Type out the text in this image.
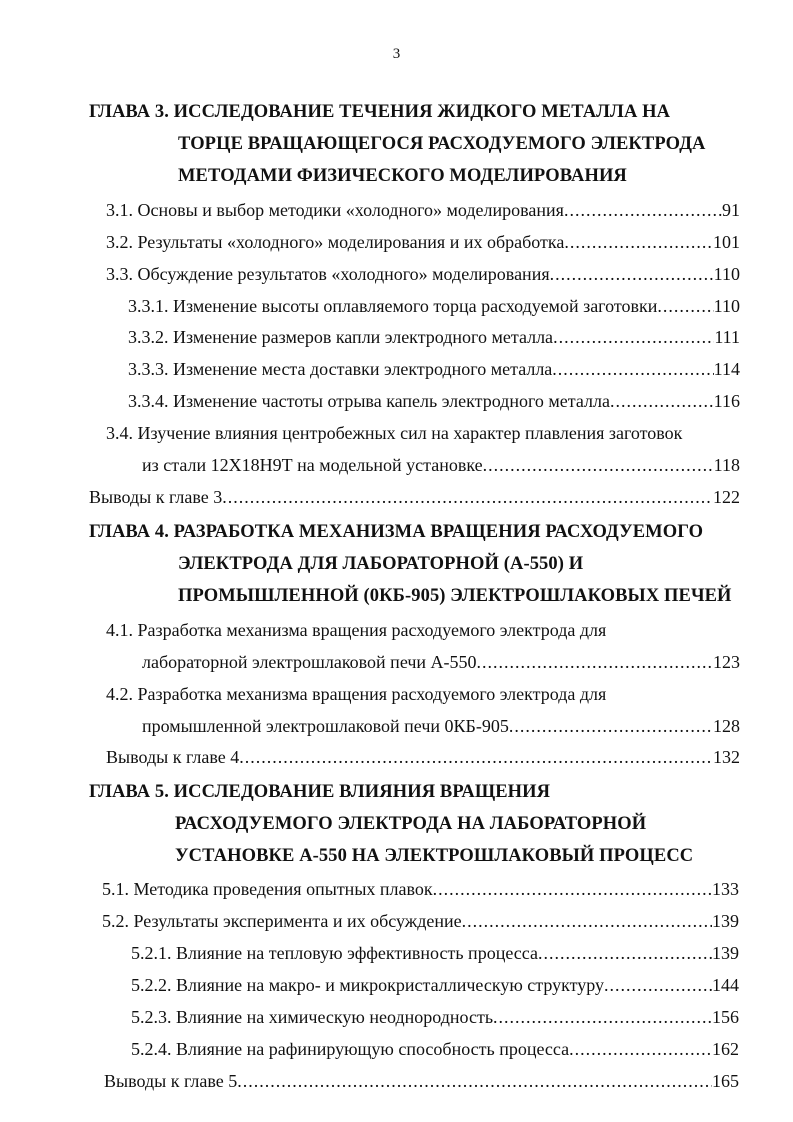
3
ГЛАВА 3. ИССЛЕДОВАНИЕ ТЕЧЕНИЯ ЖИДКОГО МЕТАЛЛА НА
ТОРЦЕ ВРАЩАЮЩЕГОСЯ РАСХОДУЕМОГО ЭЛЕКТРОДА
МЕТОДАМИ ФИЗИЧЕСКОГО МОДЕЛИРОВАНИЯ
3.1. Основы и выбор методики «холодного» моделирования .....	91
3.2. Результаты «холодного» моделирования и их обработка .....	101
3.3. Обсуждение результатов «холодного» моделирования .....	110
3.3.1. Изменение высоты оплавляемого торца расходуемой заготовки .....	110
3.3.2. Изменение размеров капли электродного металла .....	111
3.3.3. Изменение места доставки электродного металла .....	114
3.3.4. Изменение частоты отрыва капель электродного металла .....	116
3.4. Изучение влияния центробежных сил на характер плавления заготовок
из стали 12Х18Н9Т на модельной установке .....	118
Выводы к главе 3 .....	122
ГЛАВА 4. РАЗРАБОТКА МЕХАНИЗМА ВРАЩЕНИЯ РАСХОДУЕМОГО
ЭЛЕКТРОДА ДЛЯ ЛАБОРАТОРНОЙ (А-550) И
ПРОМЫШЛЕННОЙ (0КБ-905) ЭЛЕКТРОШЛАКОВЫХ ПЕЧЕЙ
4.1. Разработка механизма вращения расходуемого электрода для
лабораторной электрошлаковой печи А-550 .....	123
4.2. Разработка механизма вращения расходуемого электрода для
промышленной электрошлаковой печи 0КБ-905 .....	128
Выводы к главе 4 .....	132
ГЛАВА 5. ИССЛЕДОВАНИЕ ВЛИЯНИЯ ВРАЩЕНИЯ
РАСХОДУЕМОГО ЭЛЕКТРОДА НА ЛАБОРАТОРНОЙ
УСТАНОВКЕ А-550 НА ЭЛЕКТРОШЛАКОВЫЙ ПРОЦЕСС
5.1. Методика проведения опытных плавок .....	133
5.2. Результаты эксперимента и их обсуждение .....	139
5.2.1. Влияние на тепловую эффективность процесса .....	139
5.2.2. Влияние на макро- и микрокристаллическую структуру .....	144
5.2.3. Влияние на химическую неоднородность .....	156
5.2.4. Влияние на рафинирующую способность процесса .....	162
Выводы к главе 5 .....	165
